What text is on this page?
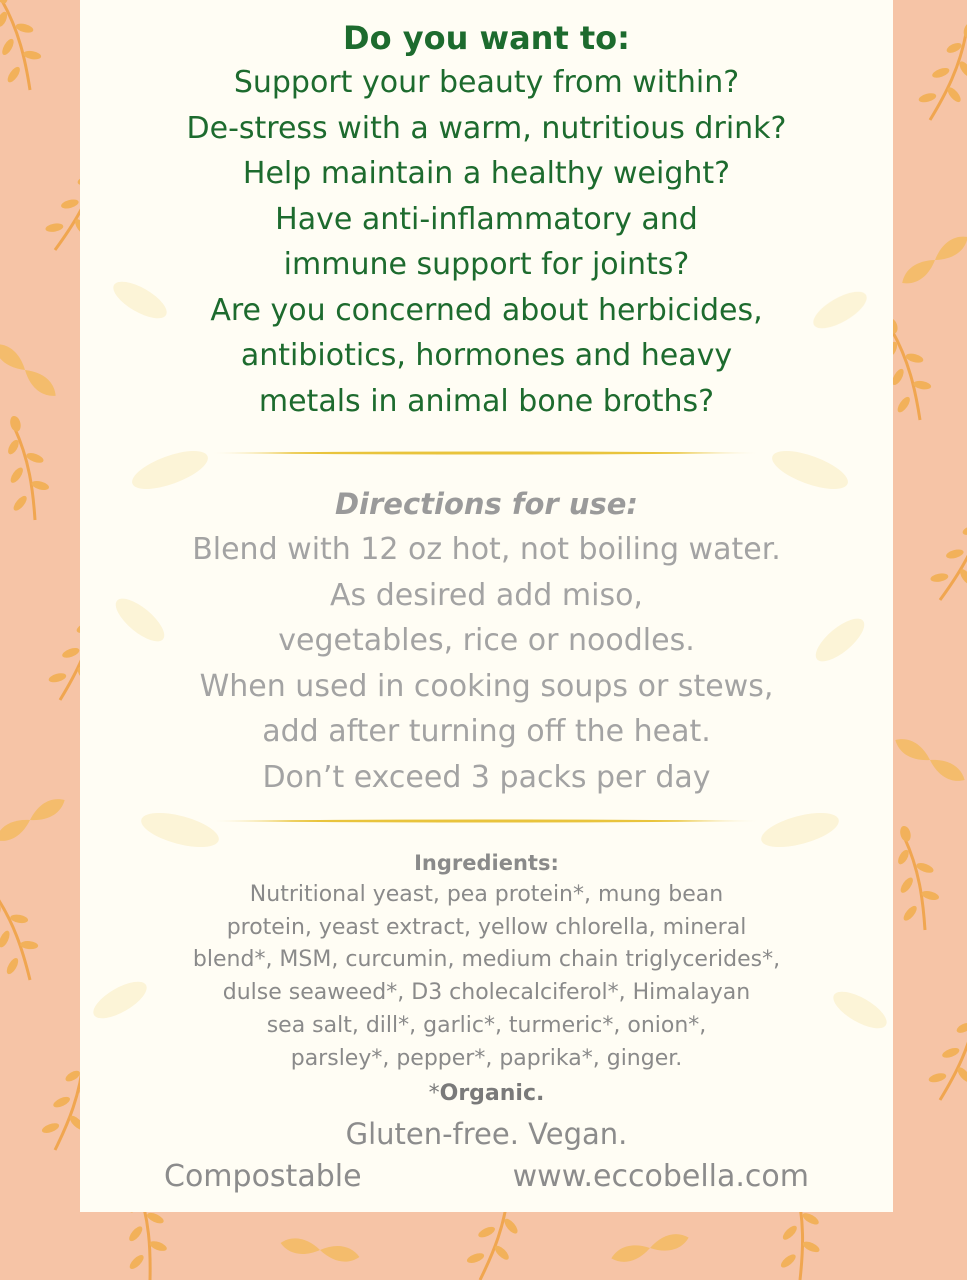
Do you want to:
Support your beauty from within?
De-stress with a warm, nutritious drink?
Help maintain a healthy weight?
Have anti-inflammatory and
immune support for joints?
Are you concerned about herbicides,
antibiotics, hormones and heavy
metals in animal bone broths?
Directions for use:
Blend with 12 oz hot, not boiling water.
As desired add miso,
vegetables, rice or noodles.
When used in cooking soups or stews,
add after turning off the heat.
Don’t exceed 3 packs per day
Ingredients:
Nutritional yeast, pea protein*, mung bean
protein, yeast extract, yellow chlorella, mineral
blend*, MSM, curcumin, medium chain triglycerides*,
dulse seaweed*, D3 cholecalciferol*, Himalayan
sea salt, dill*, garlic*, turmeric*, onion*,
parsley*, pepper*, paprika*, ginger.
*Organic.
Gluten-free. Vegan.
Compostable	www.eccobella.com
